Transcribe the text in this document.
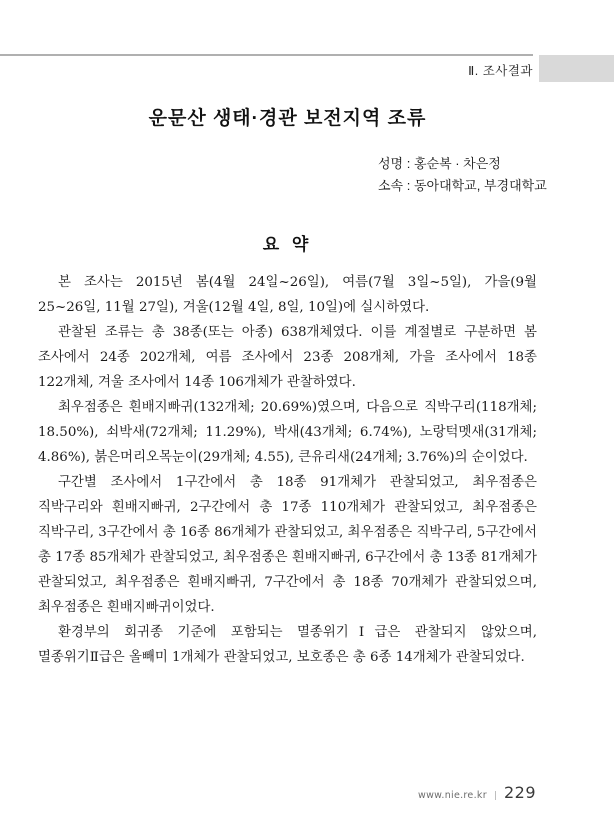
Ⅱ. 조사결과
운문산 생태·경관 보전지역 조류
성명 : 홍순복 · 차은정
소속 : 동아대학교, 부경대학교
요 약

본 조사는 2015년 봄(4월 24일~26일), 여름(7월 3일~5일), 가을(9월 25~26일, 11월 27일), 겨울(12월 4일, 8일, 10일)에 실시하였다.

관찰된 조류는 총 38종(또는 아종) 638개체였다. 이를 계절별로 구분하면 봄 조사에서 24종 202개체, 여름 조사에서 23종 208개체, 가을 조사에서 18종 122개체, 겨울 조사에서 14종 106개체가 관찰하였다.

최우점종은 흰배지빠귀(132개체; 20.69%)였으며, 다음으로 직박구리(118개체; 18.50%), 쇠박새(72개체; 11.29%), 박새(43개체; 6.74%), 노랑턱멧새(31개체; 4.86%), 붉은머리오목눈이(29개체; 4.55), 큰유리새(24개체; 3.76%)의 순이었다.

구간별 조사에서 1구간에서 총 18종 91개체가 관찰되었고, 최우점종은 직박구리와 흰배지빠귀, 2구간에서 총 17종 110개체가 관찰되었고, 최우점종은 직박구리, 3구간에서 총 16종 86개체가 관찰되었고, 최우점종은 직박구리, 5구간에서 총 17종 85개체가 관찰되었고, 최우점종은 흰배지빠귀, 6구간에서 총 13종 81개체가 관찰되었고, 최우점종은 흰배지빠귀, 7구간에서 총 18종 70개체가 관찰되었으며, 최우점종은 흰배지빠귀이었다.

환경부의 회귀종 기준에 포함되는 멸종위기Ⅰ급은 관찰되지 않았으며, 멸종위기Ⅱ급은 올빼미 1개체가 관찰되었고, 보호종은 총 6종 14개체가 관찰되었다.

www.nie.re.kr | 229
